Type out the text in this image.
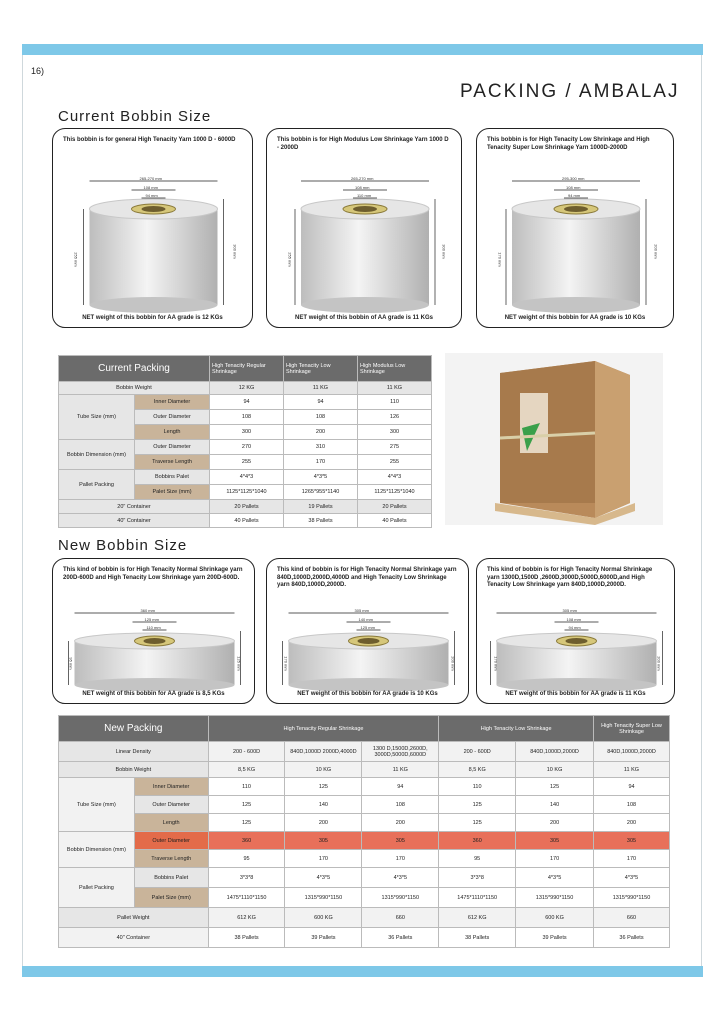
16)
PACKING / AMBALAJ
Current Bobbin Size
This bobbin is for general High Tenacity Yarn 1000 D - 6000D
265-270 mm
108 mm
94 mm
255 mm
300 mm
NET weight of this bobbin for AA grade is 12 KGs
This bobbin is for High Modulus Low Shrinkage Yarn 1000 D - 2000D
265-270 mm
108 mm
110 mm
255 mm
300 mm
NET weight of this bobbin of AA grade is 11 KGs
This bobbin is for High Tenacity Low Shrinkage and High Tenacity Super Low Shrinkage Yarn 1000D-2000D
295-300 mm
108 mm
94 mm
170 mm
200 mm
NET weight of this bobbin for AA grade is 10 KGs
Current Packing		High Tenacity Regular Shrinkage	High Tenacity Low Shrinkage	High Modulus Low Shrinkage
Bobbin Weight		12 KG	11 KG	11 KG
Tube Size (mm)	Inner Diameter	94	94	110
	Outer Diameter	108	108	126
	Length	300	200	300
Bobbin Dimension (mm)	Outer Diameter	270	310	275
	Traverse Length	255	170	255
Pallet Packing	Bobbins Palet	4*4*3	4*3*5	4*4*3
	Palet Size (mm)	1125*1125*1040	1265*955*1140	1125*1125*1040
20" Container		20 Pallets	19 Pallets	20 Pallets
40" Container		40 Pallets	38 Pallets	40 Pallets
New Bobbin Size
This kind of bobbin is for High Tenacity Normal Shrinkage yarn 200D-600D and High Tenacity Low Shrinkage yarn 200D-600D.
360 mm
125 mm
110 mm
95 mm	125 mm
NET weight of this bobbin for AA grade is 8,5 KGs
This kind of bobbin is for High Tenacity Normal Shrinkage yarn 840D,1000D,2000D,4000D and High Tenacity Low Shrinkage yarn 840D,1000D,2000D.
305 mm
140 mm
125 mm
170 mm	200 mm
NET weight of this bobbin for AA grade is 10 KGs
This kind of bobbin is for High Tenacity Normal Shrinkage yarn 1300D,1500D ,2600D,3000D,5000D,6000D,and High Tenacity Low Shrinkage yarn 840D,1000D,2000D.
305 mm
108 mm
94 mm
170 mm	200 mm
NET weight of this bobbin for AA grade is 11 KGs
New Packing		High Tenacity Regular Shrinkage			High Tenacity Low Shrinkage		High Tenacity Super Low Shrinkage
Linear Density		200 - 600D	840D,1000D 2000D,4000D	1300 D,1500D,2600D, 3000D,5000D,6000D	200 - 600D	840D,1000D,2000D	840D,1000D,2000D
Bobbin Weight		8,5 KG	10 KG	11 KG	8,5 KG	10 KG	11 KG
Tube Size (mm)	Inner Diameter	110	125	94	110	125	94
	Outer Diameter	125	140	108	125	140	108
	Length	125	200	200	125	200	200
Bobbin Dimension (mm)	Outer Diameter	360	305	305	360	305	305
	Traverse Length	95	170	170	95	170	170
Pallet Packing	Bobbins Palet	3*3*8	4*3*5	4*3*5	3*3*8	4*3*5	4*3*5
	Palet Size (mm)	1475*1110*1150	1315*990*1150	1315*990*1150	1475*1110*1150	1315*990*1150	1315*990*1150
Pallet Weight		612 KG	600 KG	660	612 KG	600 KG	660
40" Container		38 Pallets	39 Pallets	36 Pallets	38 Pallets	39 Pallets	36 Pallets
